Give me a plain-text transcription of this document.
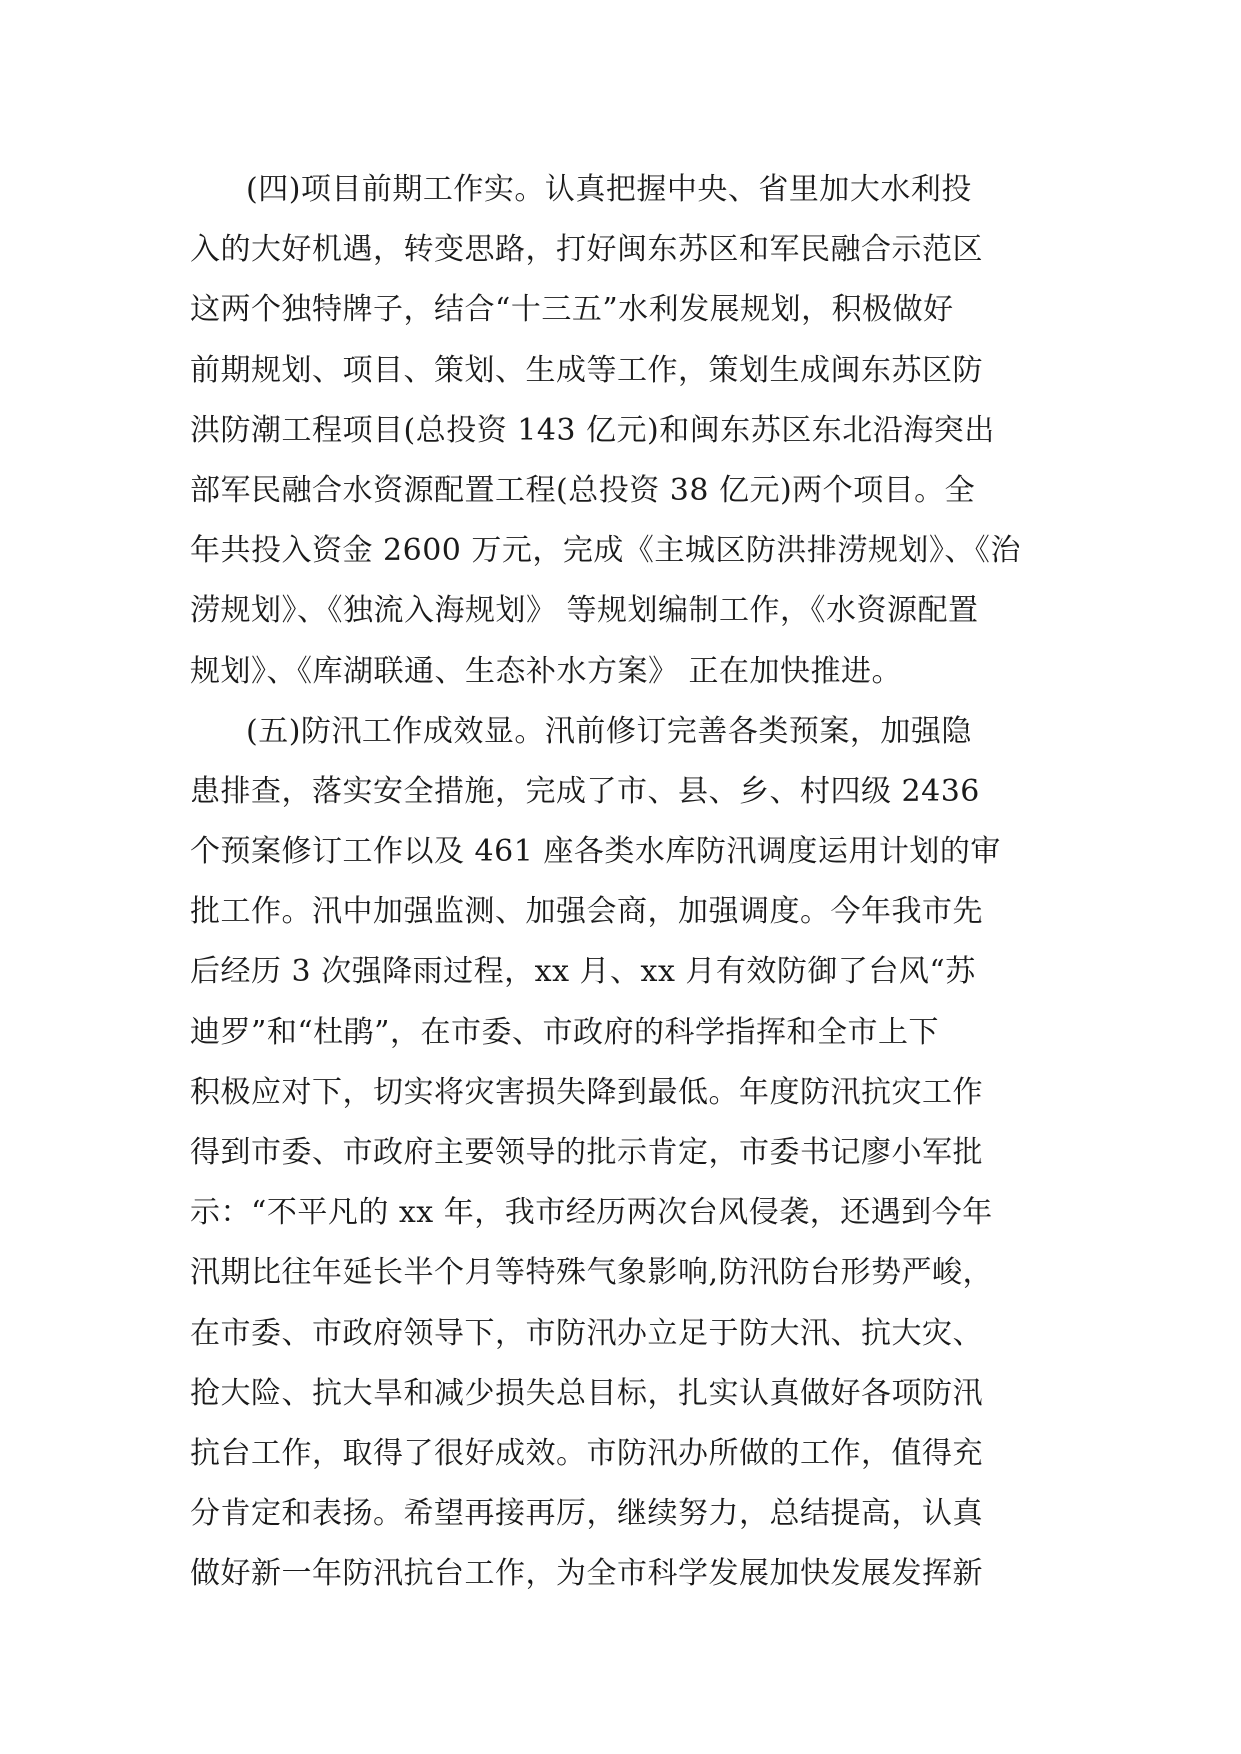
(四)项目前期工作实。认真把握中央、省里加大水利投
入的大好机遇，转变思路，打好闽东苏区和军民融合示范区
这两个独特牌子，结合“十三五”水利发展规划，积极做好
前期规划、项目、策划、生成等工作，策划生成闽东苏区防
洪防潮工程项目(总投资 143 亿元)和闽东苏区东北沿海突出
部军民融合水资源配置工程(总投资 38 亿元)两个项目。全
年共投入资金 2600 万元，完成《主城区防洪排涝规划》、《治
涝规划》、《独流入海规划》 等规划编制工作，《水资源配置
规划》、《库湖联通、生态补水方案》 正在加快推进。
(五)防汛工作成效显。汛前修订完善各类预案，加强隐
患排查，落实安全措施，完成了市、县、乡、村四级 2436
个预案修订工作以及 461 座各类水库防汛调度运用计划的审
批工作。汛中加强监测、加强会商，加强调度。今年我市先
后经历 3 次强降雨过程，xx 月、xx 月有效防御了台风“苏
迪罗”和“杜鹃”，在市委、市政府的科学指挥和全市上下
积极应对下，切实将灾害损失降到最低。年度防汛抗灾工作
得到市委、市政府主要领导的批示肯定，市委书记廖小军批
示：“不平凡的 xx 年，我市经历两次台风侵袭，还遇到今年
汛期比往年延长半个月等特殊气象影响,防汛防台形势严峻，
在市委、市政府领导下，市防汛办立足于防大汛、抗大灾、
抢大险、抗大旱和减少损失总目标，扎实认真做好各项防汛
抗台工作，取得了很好成效。市防汛办所做的工作，值得充
分肯定和表扬。希望再接再厉，继续努力，总结提高，认真
做好新一年防汛抗台工作，为全市科学发展加快发展发挥新
